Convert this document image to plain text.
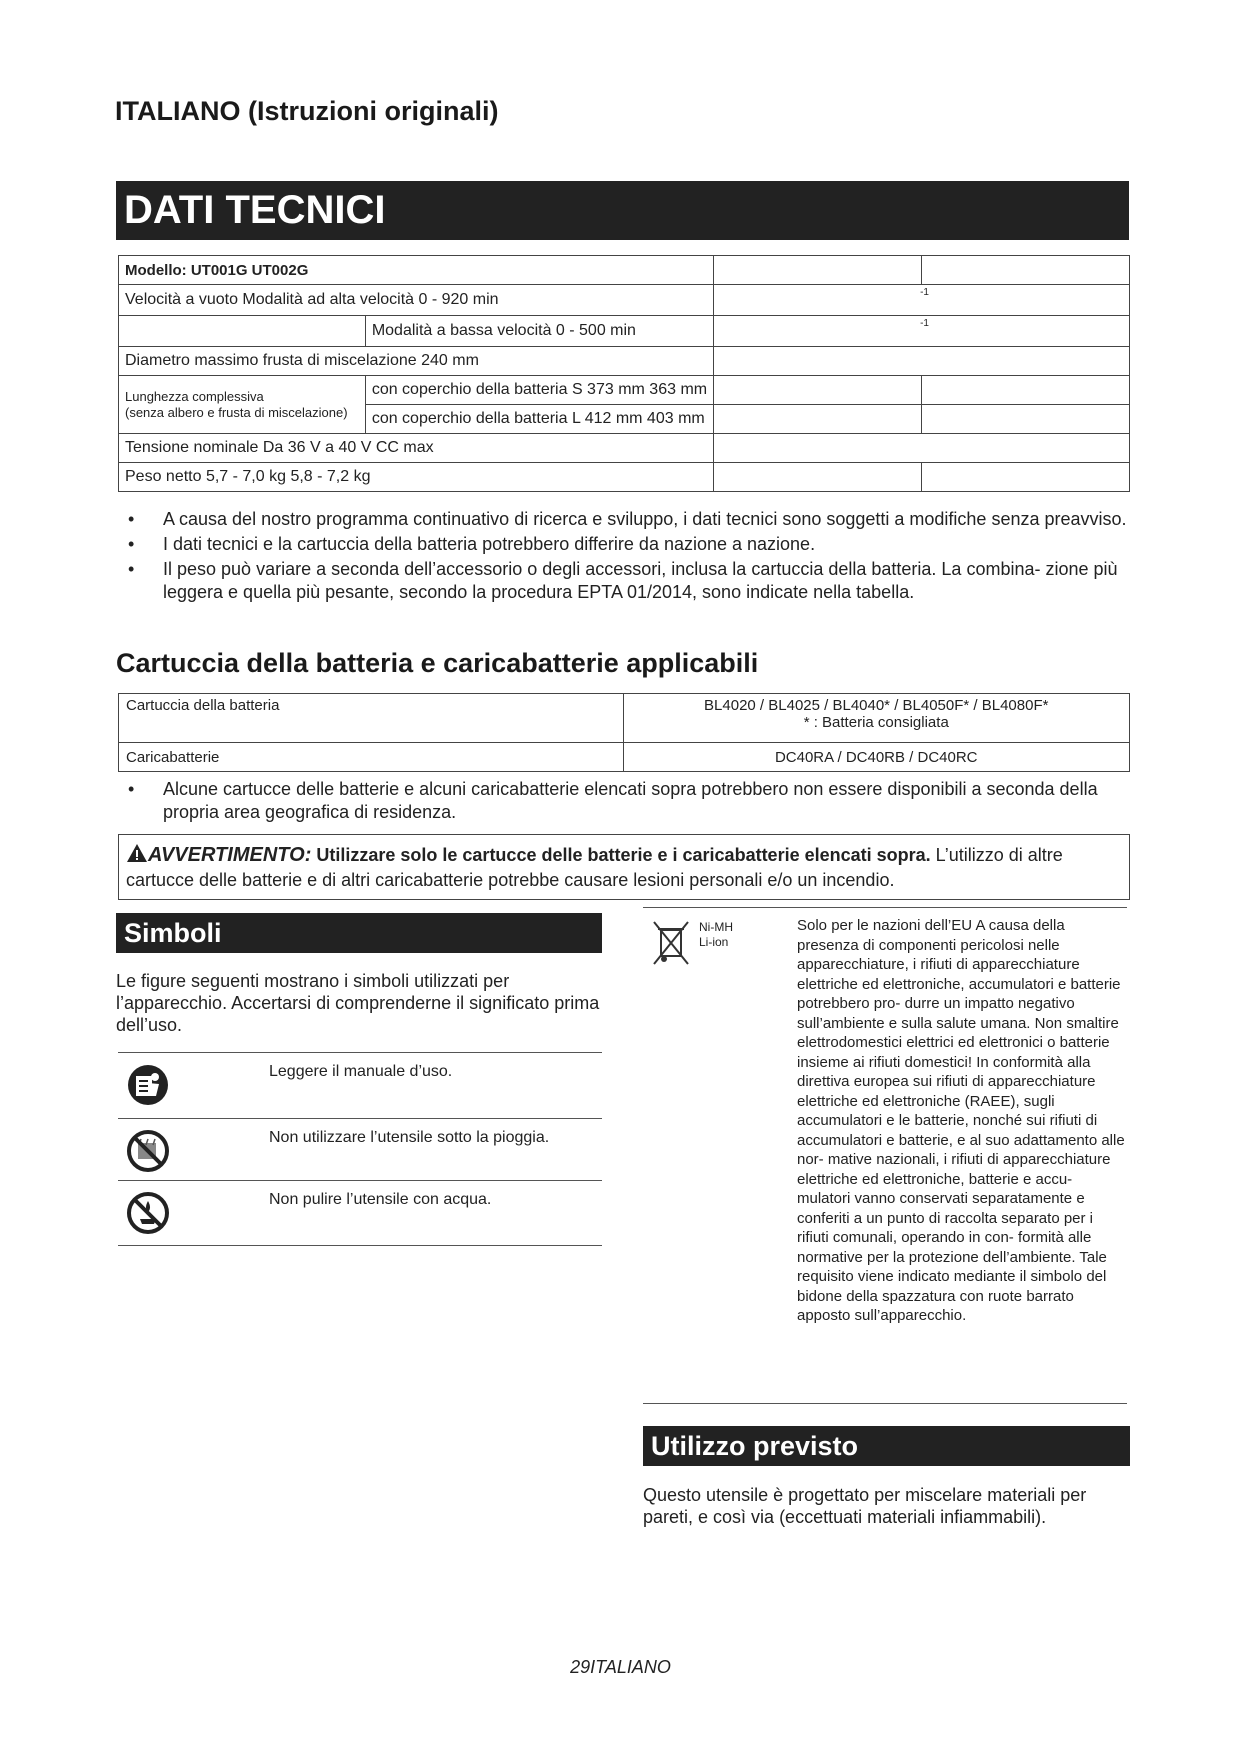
ITALIANO (Istruzioni originali)
DATI TECNICI
Modello: UT001G UT002G			
Velocità a vuoto Modalità ad alta velocità 0 - 920 min		-1	
	Modalità a bassa velocità 0 - 500 min	-1	
Diametro massimo frusta di miscelazione 240 mm			

Lunghezza complessiva
(senza albero e frusta di miscelazione)	con coperchio della batteria S 373 mm 363 mm		
	con coperchio della batteria L 412 mm 403 mm		
Tensione nominale Da 36 V a 40 V CC max			
Peso netto 5,7 - 7,0 kg 5,8 - 7,2 kg			
• A causa del nostro programma continuativo di ricerca e sviluppo, i dati tecnici sono soggetti a modifiche senza preavviso.
• I dati tecnici e la cartuccia della batteria potrebbero differire da nazione a nazione.
• Il peso può variare a seconda dell’accessorio o degli accessori, inclusa la cartuccia della batteria. La combina- zione più leggera e quella più pesante, secondo la procedura EPTA 01/2014, sono indicate nella tabella.
Cartuccia della batteria e caricabatterie applicabili
Cartuccia della batteria	BL4020 / BL4025 / BL4040* / BL4050F* / BL4080F*
* : Batteria consigliata

Caricabatterie	DC40RA / DC40RB / DC40RC
• Alcune cartucce delle batterie e alcuni caricabatterie elencati sopra potrebbero non essere disponibili a seconda della propria area geografica di residenza.
AVVERTIMENTO: Utilizzare solo le cartucce delle batterie e i caricabatterie elencati sopra. L’utilizzo di altre cartucce delle batterie e di altri caricabatterie potrebbe causare lesioni personali e/o un incendio.
Simboli
Le figure seguenti mostrano i simboli utilizzati per l’apparecchio. Accertarsi di comprenderne il significato prima dell’uso.
Leggere il manuale d’uso.
Non utilizzare l’utensile sotto la pioggia.
Non pulire l’utensile con acqua.
Ni-MH
Li-ion
Solo per le nazioni dell’EU A causa della presenza di componenti pericolosi nelle apparecchiature, i rifiuti di apparecchiature elettriche ed elettroniche, accumulatori e batterie potrebbero pro- durre un impatto negativo sull’ambiente e sulla salute umana. Non smaltire elettrodomestici elettrici ed elettronici o batterie insieme ai rifiuti domestici! In conformità alla direttiva europea sui rifiuti di apparecchiature elettriche ed elettroniche (RAEE), sugli accumulatori e le batterie, nonché sui rifiuti di accumulatori e batterie, e al suo adattamento alle nor- mative nazionali, i rifiuti di apparecchiature elettriche ed elettroniche, batterie e accu- mulatori vanno conservati separatamente e conferiti a un punto di raccolta separato per i rifiuti comunali, operando in con- formità alle normative per la protezione dell’ambiente. Tale requisito viene indicato mediante il simbolo del bidone della spazzatura con ruote barrato apposto sull’apparecchio.
Utilizzo previsto
Questo utensile è progettato per miscelare materiali per pareti, e così via (eccettuati materiali infiammabili).
29ITALIANO
